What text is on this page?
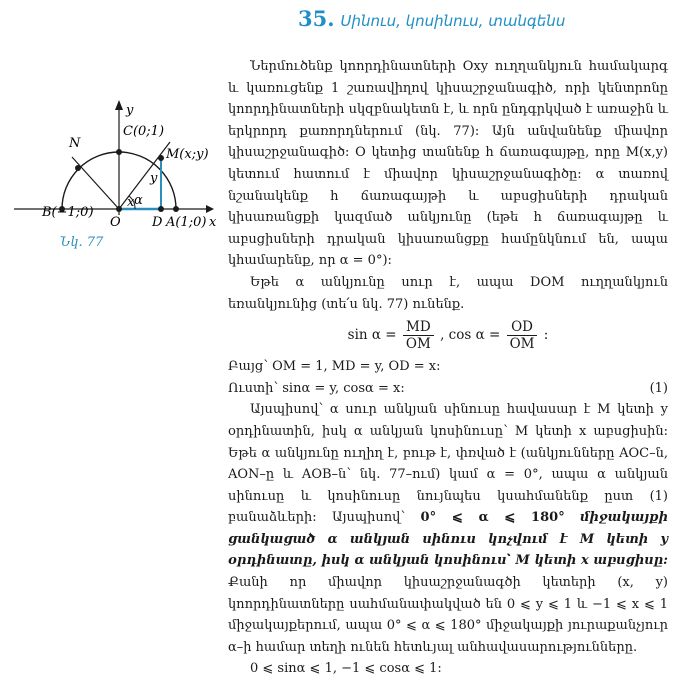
35. Սինուս, կոսինուս, տանգենս
N
C(0;1)
M(x;y)
y
α
x
B(−1;0)
O D A(1;0) x
y
Նկ. 77

Ներմուծենք կոորդինատների Oxy ուղղանկյուն համակարգ և կառուցենք 1 շառավիղով կիսաշրջանագիծ, որի կենտրոնը կոորդինատների սկզբնակետն է, և որն ընդգրկված է առաջին և երկրորդ քառորդներում (նկ. 77): Այն անվանենք միավոր կիսաշրջանագիծ: O կետից տանենք h ճառագայթը, որը M(x,y) կետում հատում է միավոր կիսաշրջանագիծը: α տառով նշանակենք h ճառագայթի և աբսցիսների դրական կիսառանցքի կազմած անկյունը (եթե h ճառագայթը և աբսցիսների դրական կիսառանցքը համընկնում են, ապա կհամարենք, որ α = 0°):

Եթե α անկյունը սուր է, ապա DOM ուղղանկյուն եռանկյունից (տե՛ս նկ. 77) ունենք.

$\sin \alpha = \frac{MD}{OM}$ , $\cos \alpha = \frac{OD}{OM}$ :

Բայց՝ OM = 1, MD = y, OD = x:

Ուստի՝ sinα = y, cosα = x:	(1)

Այսպիսով՝ α սուր անկյան սինուսը հավասար է M կետի y օրդինատին, իսկ α անկյան կոսինուսը՝ M կետի x աբսցիսին: Եթե α անկյունը ուղիղ է, բութ է, փռված է (անկյունները AOC–ն, AON–ը և AOB–ն՝ նկ. 77–ում) կամ α = 0°, ապա α անկյան սինուսը և կոսինուսը նույնպես կսահմանենք ըստ (1) բանաձևերի: Այսպիսով՝ 0° ⩽ α ⩽ 180° միջակայքի ցանկացած α անկյան սինուս կոչվում է M կետի y օրդինատը, իսկ α անկյան կոսինուս՝ M կետի x աբսցիսը: Քանի որ միավոր կիսաշրջանագծի կետերի (x, y) կոորդինատները սահմանափակված են 0 ⩽ y ⩽ 1 և −1 ⩽ x ⩽ 1 միջակայքերում, ապա 0° ⩽ α ⩽ 180° միջակայքի յուրաքանչյուր α–ի համար տեղի ունեն հետևյալ անհավասարությունները.

0 ⩽ sinα ⩽ 1, −1 ⩽ cosα ⩽ 1:
